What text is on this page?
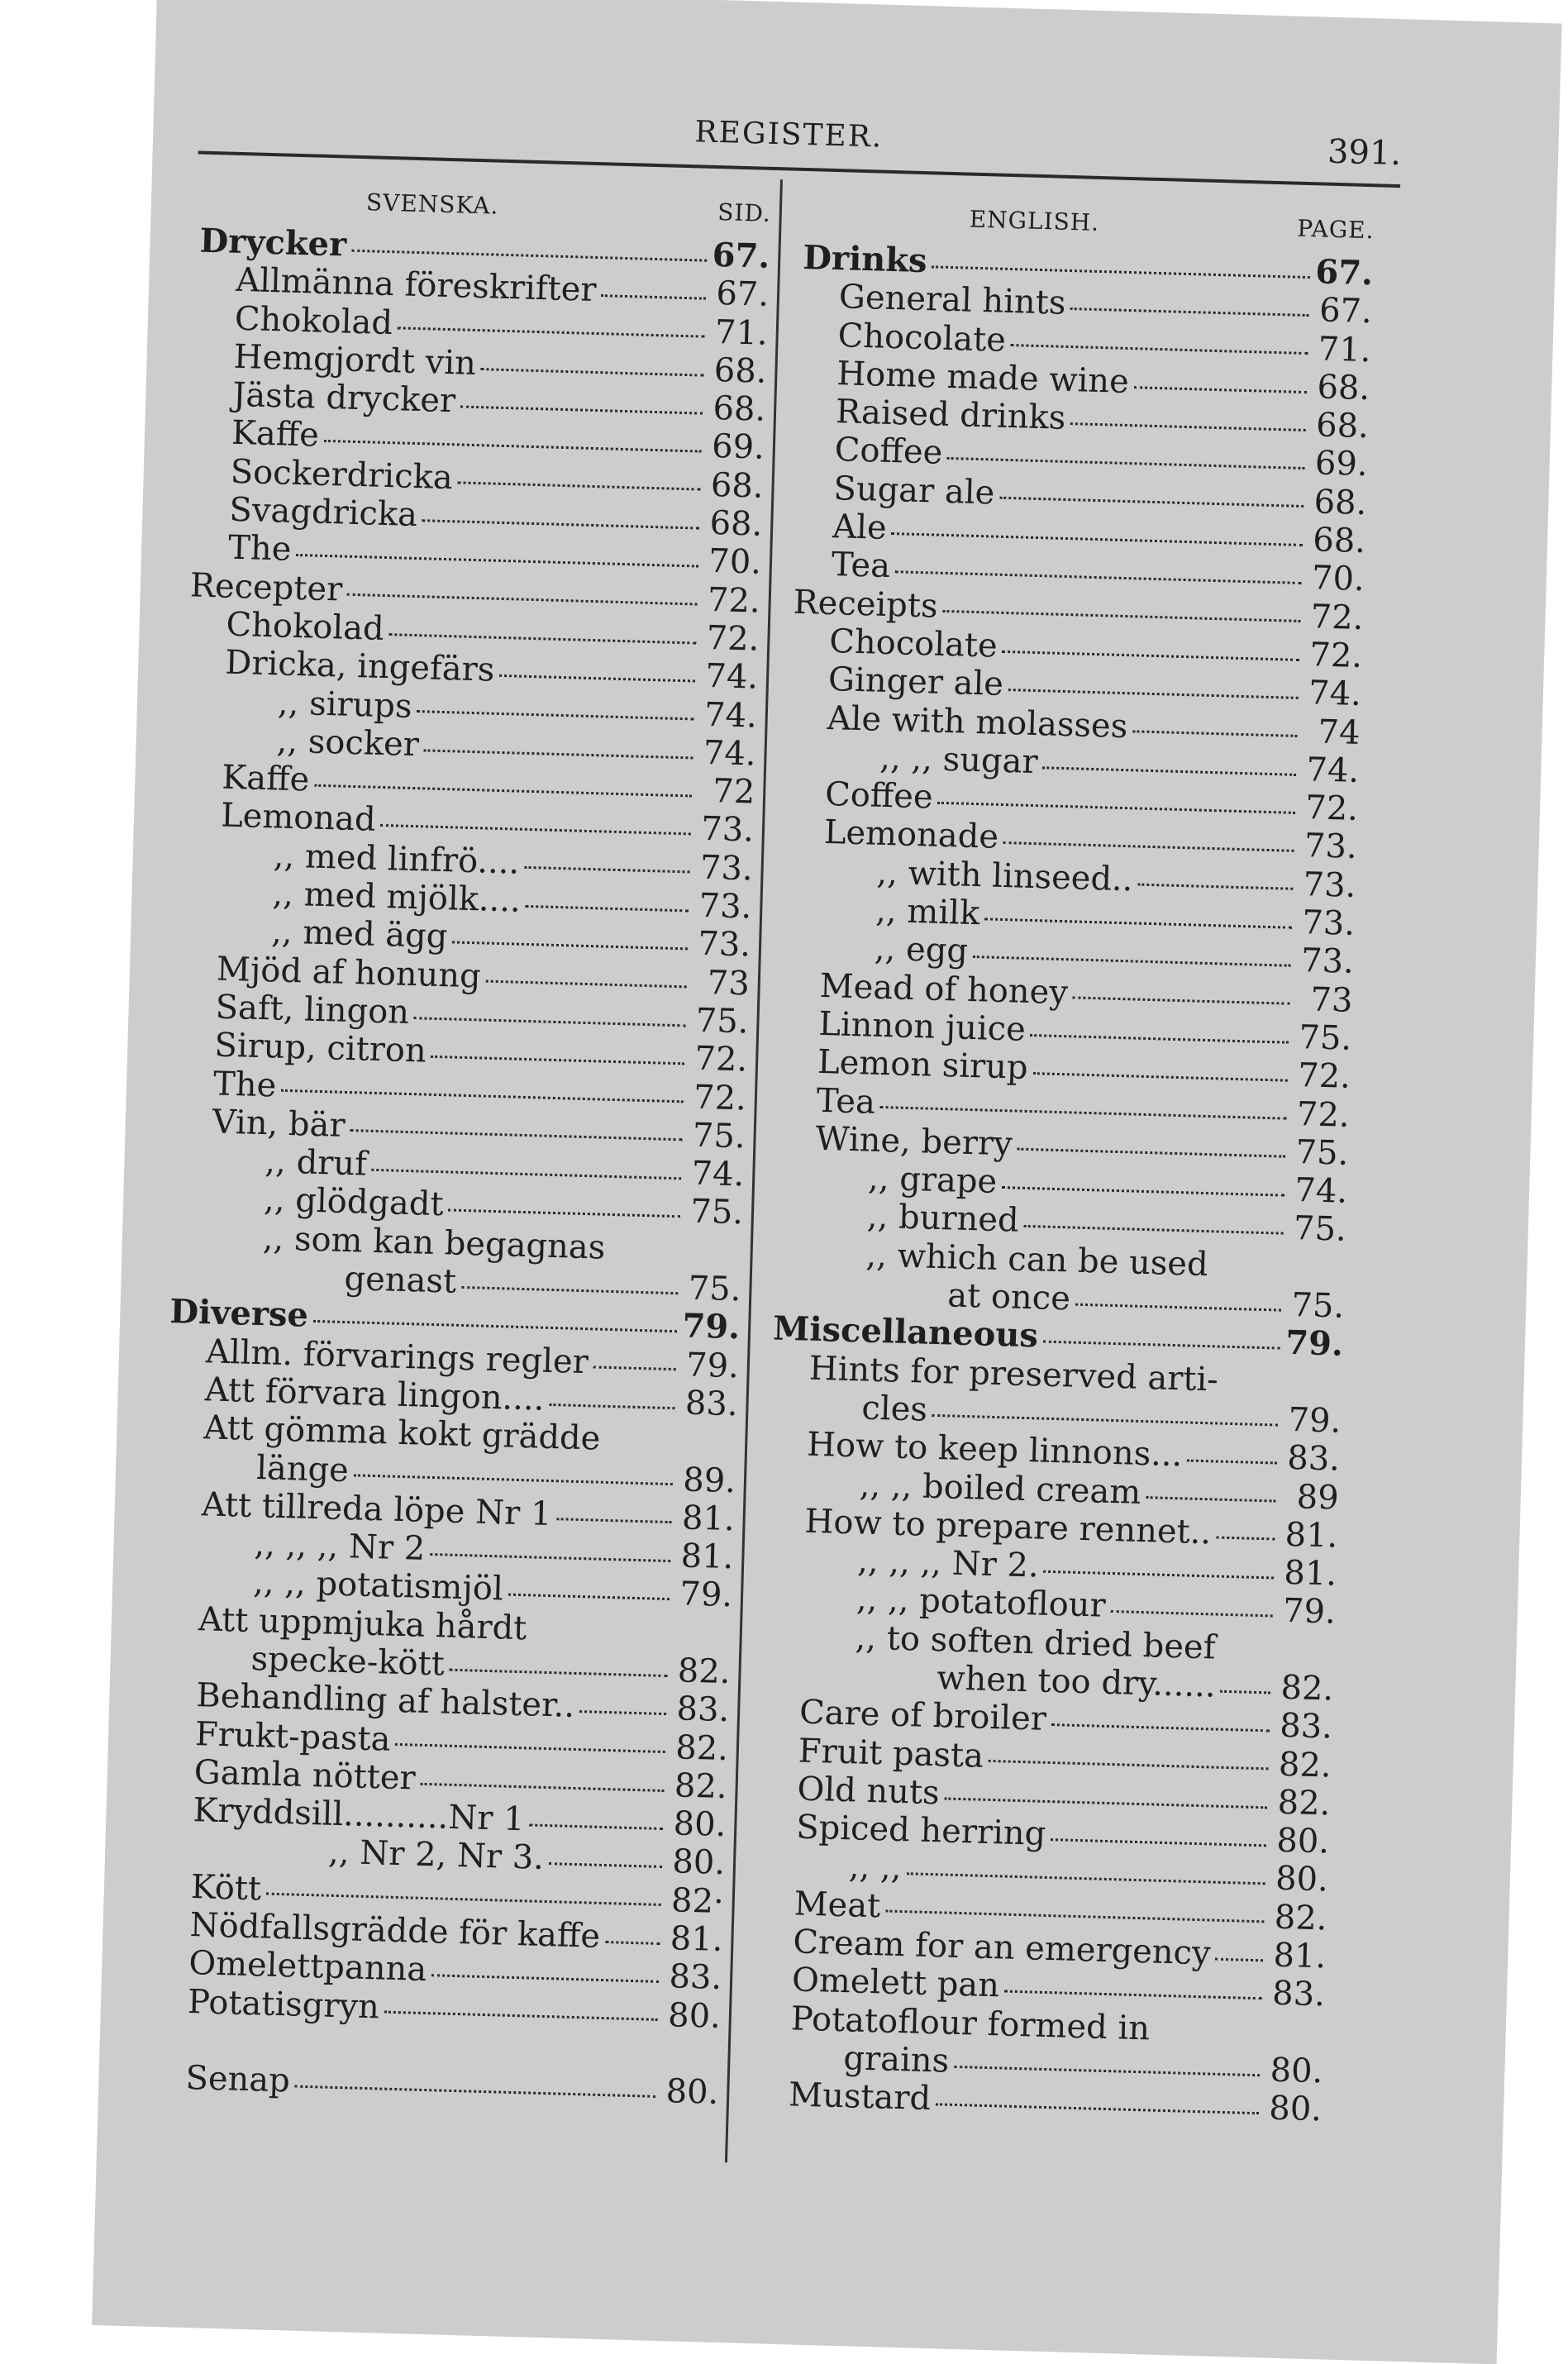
REGISTER.	391.
SVENSKA.	SID.
Drycker	67.
Allmänna föreskrifter	67.
Chokolad	71.
Hemgjordt vin	68.
Jästa drycker	68.
Kaffe	69.
Sockerdricka	68.
Svagdricka	68.
The	70.
Recepter	72.
Chokolad	72.
Dricka, ingefärs	74.
,, sirups	74.
,, socker	74.
Kaffe	72
Lemonad	73.
,, med linfrö....	73.
,, med mjölk....	73.
,, med ägg	73.
Mjöd af honung	73
Saft, lingon	75.
Sirup, citron	72.
The	72.
Vin, bär	75.
,, druf	74.
,, glödgadt	75.
,, som kan begagnas
genast	75.
Diverse	79.
Allm. förvarings regler	79.
Att förvara lingon....	83.
Att gömma kokt grädde
länge	89.
Att tillreda löpe Nr 1	81.
,, ,, ,, Nr 2	81.
,, ,, potatismjöl	79.
Att uppmjuka hårdt
specke-kött	82.
Behandling af halster..	83.
Frukt-pasta	82.
Gamla nötter	82.
Kryddsill..........Nr 1	80.
,, Nr 2, Nr 3.	80.
Kött	82·
Nödfallsgrädde för kaffe 81.
Omelettpanna	83.
Potatisgryn	80.
Senap	80.
ENGLISH.	PAGE.
Drinks	67.
General hints	67.
Chocolate	71.
Home made wine	68.
Raised drinks	68.
Coffee	69.
Sugar ale	68.
Ale	68.
Tea	70.
Receipts	72.
Chocolate	72.
Ginger ale	74.
Ale with molasses	74
,, ,, sugar	74.
Coffee	72.
Lemonade	73.
,, with linseed..	73.
,, milk	73.
,, egg	73.
Mead of honey	73
Linnon juice	75.
Lemon sirup	72.
Tea	72.
Wine, berry	75.
,, grape	74.
,, burned	75.
,, which can be used
at once	75.
Miscellaneous	79.
Hints for preserved arti-
cles	79.
How to keep linnons...	83.
,, ,, boiled cream	89
How to prepare rennet.. 81.
,, ,, ,, Nr 2.	81.
,, ,, potatoflour	79.
,, to soften dried beef
when too dry...... 82.
Care of broiler	83.
Fruit pasta	82.
Old nuts	82.
Spiced herring	80.
,, ,,	80.
Meat	82.
Cream for an emergency 81.
Omelett pan	83.
Potatoflour formed in
grains	80.
Mustard	80.
